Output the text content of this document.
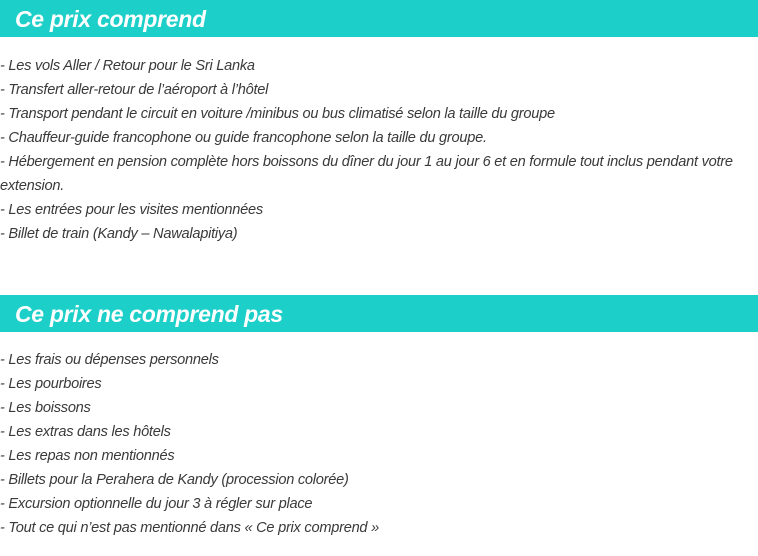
Ce prix comprend
- Les vols Aller / Retour pour le Sri Lanka
- Transfert aller-retour de l’aéroport à l’hôtel
- Transport pendant le circuit en voiture /minibus ou bus climatisé selon la taille du groupe
- Chauffeur-guide francophone ou guide francophone selon la taille du groupe.
- Hébergement en pension complète hors boissons du dîner du jour 1 au jour 6 et en formule tout inclus pendant votre extension.
- Les entrées pour les visites mentionnées
- Billet de train (Kandy – Nawalapitiya)
Ce prix ne comprend pas
- Les frais ou dépenses personnels
- Les pourboires
- Les boissons
- Les extras dans les hôtels
- Les repas non mentionnés
- Billets pour la Perahera de Kandy (procession colorée)
- Excursion optionnelle du jour 3 à régler sur place
- Tout ce qui n’est pas mentionné dans « Ce prix comprend »
